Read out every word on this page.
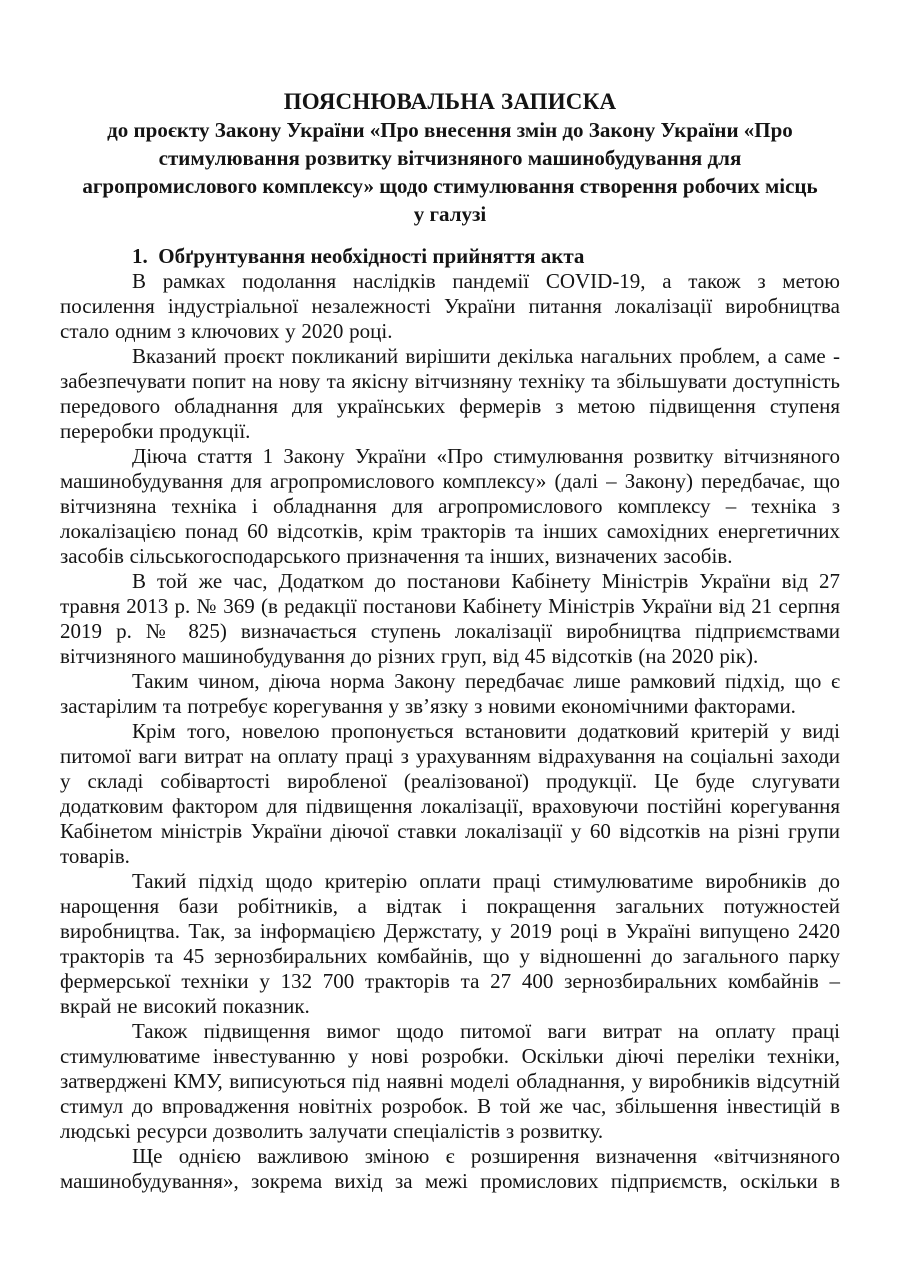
ПОЯСНЮВАЛЬНА ЗАПИСКА
до проєкту Закону України «Про внесення змін до Закону України «Про
стимулювання розвитку вітчизняного машинобудування для
агропромислового комплексу» щодо стимулювання створення робочих місць
у галузі
1.  Обґрунтування необхідності прийняття акта

В рамках подолання наслідків пандемії COVID-19, а також з метою посилення індустріальної незалежності України питання локалізації виробництва стало одним з ключових у 2020 році.

Вказаний проєкт покликаний вирішити декілька нагальних проблем, а саме - забезпечувати попит на нову та якісну вітчизняну техніку та збільшувати доступність передового обладнання для українських фермерів з метою підвищення ступеня переробки продукції.

Діюча стаття 1 Закону України «Про стимулювання розвитку вітчизняного машинобудування для агропромислового комплексу» (далі – Закону) передбачає, що вітчизняна техніка і обладнання для агропромислового комплексу – техніка з локалізацією понад 60 відсотків, крім тракторів та інших самохідних енергетичних засобів сільськогосподарського призначення та інших, визначених засобів.

В той же час, Додатком до постанови Кабінету Міністрів України від 27 травня 2013 р. № 369 (в редакції постанови Кабінету Міністрів України від 21 серпня 2019 р. № 825) визначається ступень локалізації виробництва підприємствами вітчизняного машинобудування до різних груп, від 45 відсотків (на 2020 рік).

Таким чином, діюча норма Закону передбачає лише рамковий підхід, що є застарілим та потребує корегування у зв’язку з новими економічними факторами.

Крім того, новелою пропонується встановити додатковий критерій у виді питомої ваги витрат на оплату праці з урахуванням відрахування на соціальні заходи у складі собівартості виробленої (реалізованої) продукції. Це буде слугувати додатковим фактором для підвищення локалізації, враховуючи постійні корегування Кабінетом міністрів України діючої ставки локалізації у 60 відсотків на різні групи товарів.

Такий підхід щодо критерію оплати праці стимулюватиме виробників до нарощення бази робітників, а відтак і покращення загальних потужностей виробництва. Так, за інформацією Держстату, у 2019 році в Україні випущено 2420 тракторів та 45 зернозбиральних комбайнів, що у відношенні до загального парку фермерської техніки у 132 700 тракторів та 27 400 зернозбиральних комбайнів – вкрай не високий показник.

Також підвищення вимог щодо питомої ваги витрат на оплату праці стимулюватиме інвестуванню у нові розробки. Оскільки діючі переліки техніки, затверджені КМУ, виписуються під наявні моделі обладнання, у виробників відсутній стимул до впровадження новітніх розробок. В той же час, збільшення інвестицій в людські ресурси дозволить залучати спеціалістів з розвитку.

Ще однією важливою зміною є розширення визначення «вітчизняного машинобудування», зокрема вихід за межі промислових підприємств, оскільки в
